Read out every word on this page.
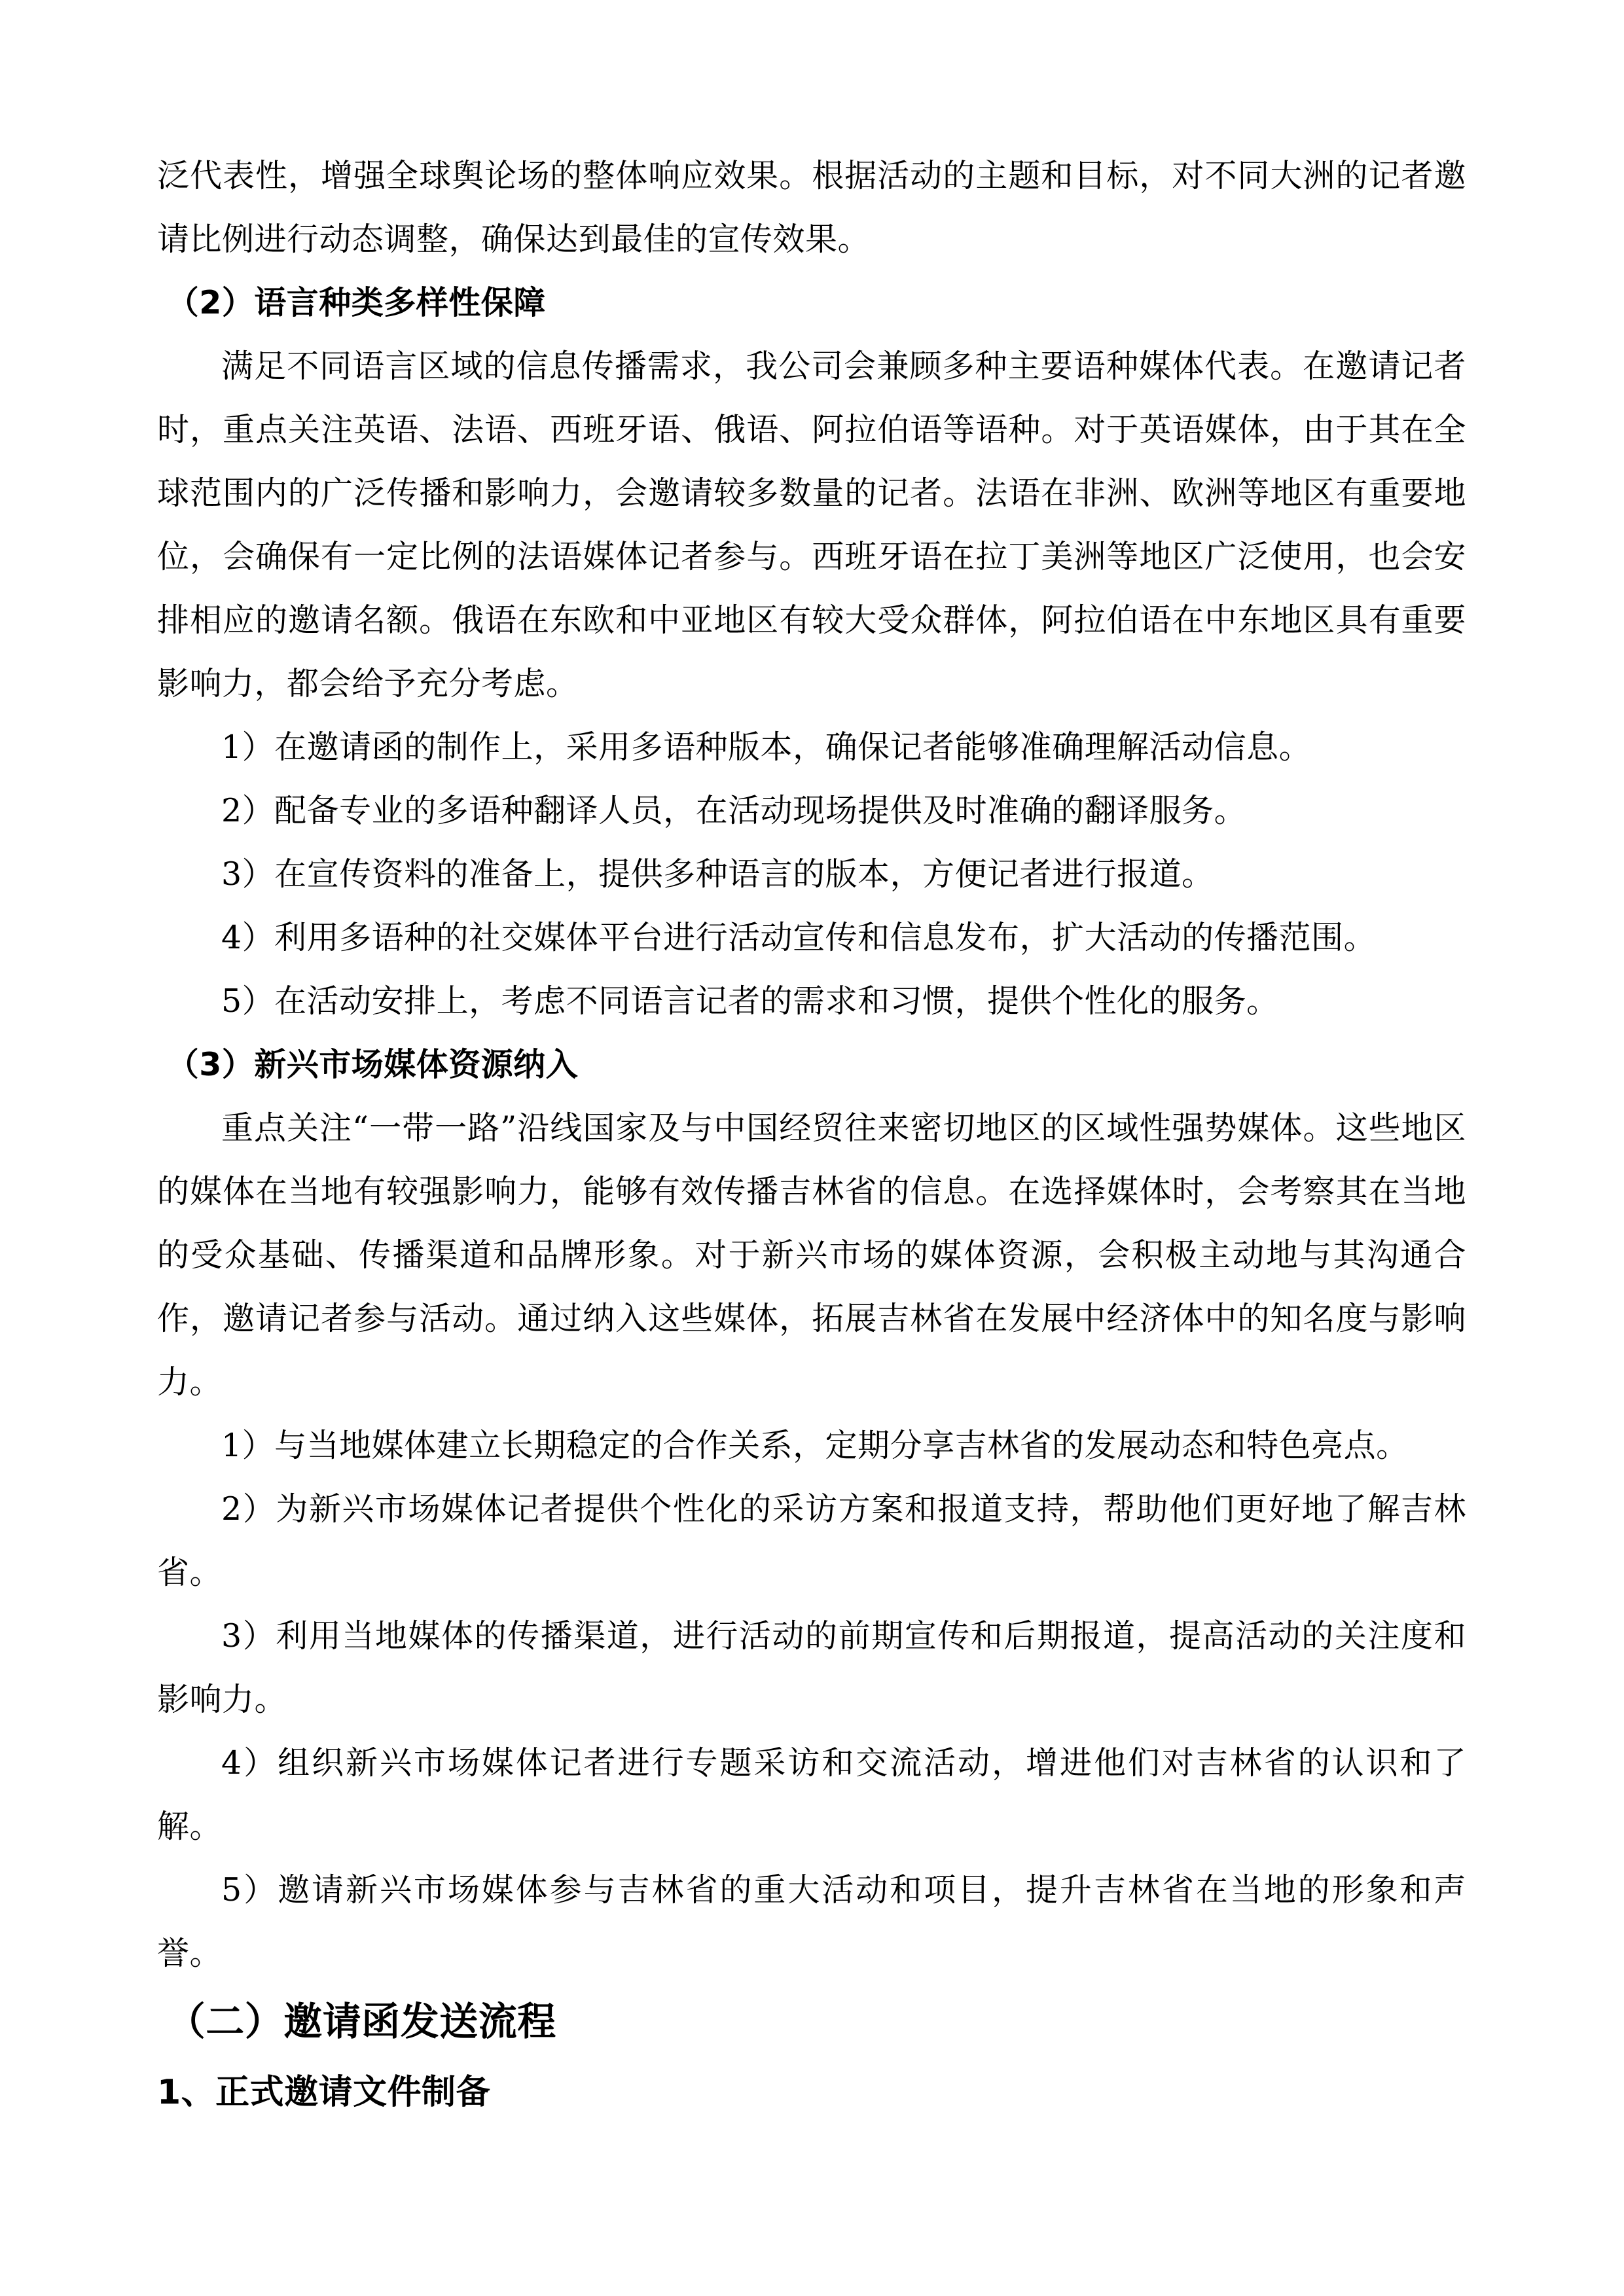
泛代表性，增强全球舆论场的整体响应效果。根据活动的主题和目标，对不同大洲的记者邀请比例进行动态调整，确保达到最佳的宣传效果。

（2）语言种类多样性保障

满足不同语言区域的信息传播需求，我公司会兼顾多种主要语种媒体代表。在邀请记者时，重点关注英语、法语、西班牙语、俄语、阿拉伯语等语种。对于英语媒体，由于其在全球范围内的广泛传播和影响力，会邀请较多数量的记者。法语在非洲、欧洲等地区有重要地位，会确保有一定比例的法语媒体记者参与。西班牙语在拉丁美洲等地区广泛使用，也会安排相应的邀请名额。俄语在东欧和中亚地区有较大受众群体，阿拉伯语在中东地区具有重要影响力，都会给予充分考虑。

1）在邀请函的制作上，采用多语种版本，确保记者能够准确理解活动信息。

2）配备专业的多语种翻译人员，在活动现场提供及时准确的翻译服务。

3）在宣传资料的准备上，提供多种语言的版本，方便记者进行报道。

4）利用多语种的社交媒体平台进行活动宣传和信息发布，扩大活动的传播范围。

5）在活动安排上，考虑不同语言记者的需求和习惯，提供个性化的服务。

（3）新兴市场媒体资源纳入

重点关注“一带一路”沿线国家及与中国经贸往来密切地区的区域性强势媒体。这些地区的媒体在当地有较强影响力，能够有效传播吉林省的信息。在选择媒体时，会考察其在当地的受众基础、传播渠道和品牌形象。对于新兴市场的媒体资源，会积极主动地与其沟通合作，邀请记者参与活动。通过纳入这些媒体，拓展吉林省在发展中经济体中的知名度与影响力。

1）与当地媒体建立长期稳定的合作关系，定期分享吉林省的发展动态和特色亮点。

2）为新兴市场媒体记者提供个性化的采访方案和报道支持，帮助他们更好地了解吉林省。

3）利用当地媒体的传播渠道，进行活动的前期宣传和后期报道，提高活动的关注度和影响力。

4）组织新兴市场媒体记者进行专题采访和交流活动，增进他们对吉林省的认识和了解。

5）邀请新兴市场媒体参与吉林省的重大活动和项目，提升吉林省在当地的形象和声誉。

（二）邀请函发送流程

1、正式邀请文件制备
